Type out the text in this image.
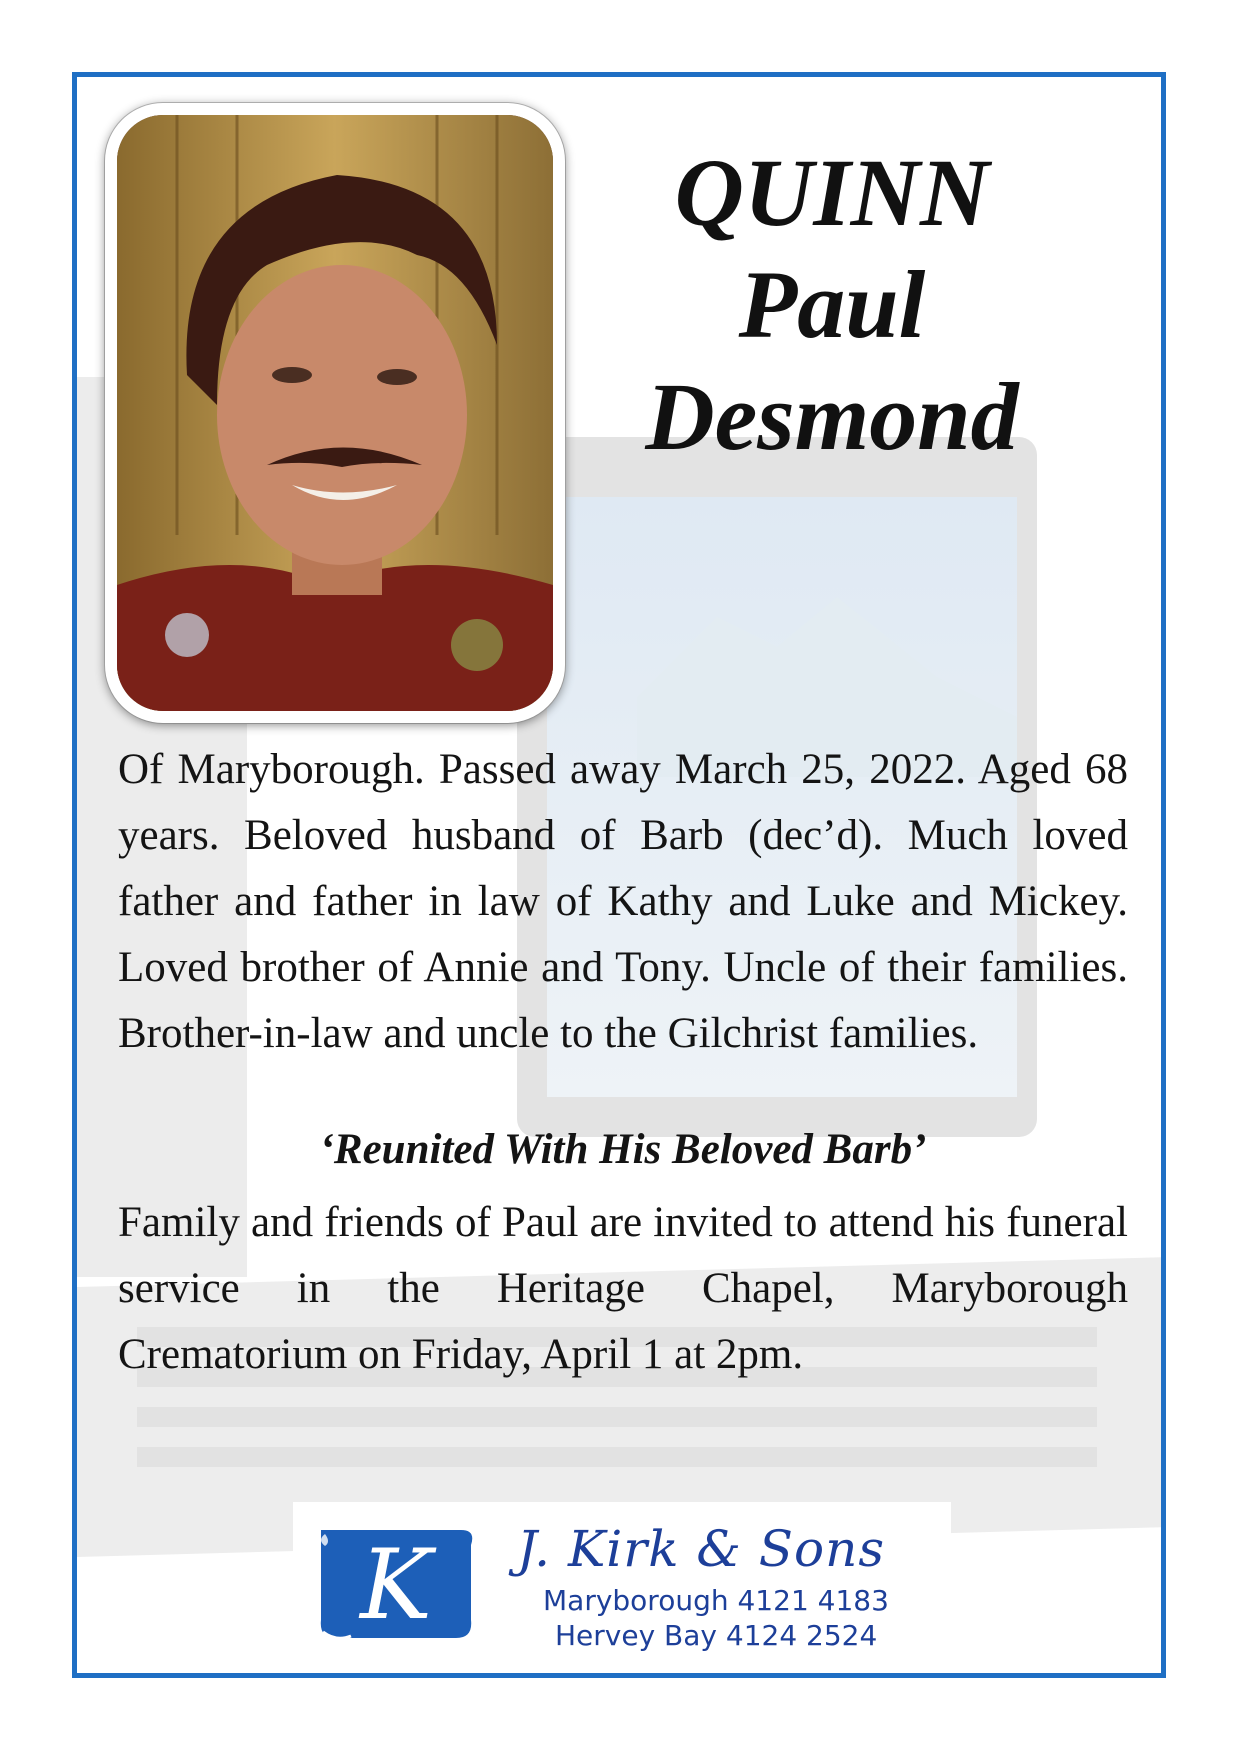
QUINN
Paul
Desmond
Of Maryborough. Passed away March 25, 2022. Aged 68 years. Beloved husband of Barb (dec’d). Much loved father and father in law of Kathy and Luke and Mickey. Loved brother of Annie and Tony. Uncle of their families. Brother-in-law and uncle to the Gilchrist families.
‘Reunited With His Beloved Barb’
Family and friends of Paul are invited to attend his funeral service in the Heritage Chapel, Maryborough Crematorium on Friday, April 1 at 2pm.
K J. Kirk & Sons
Maryborough 4121 4183
Hervey Bay 4124 2524
